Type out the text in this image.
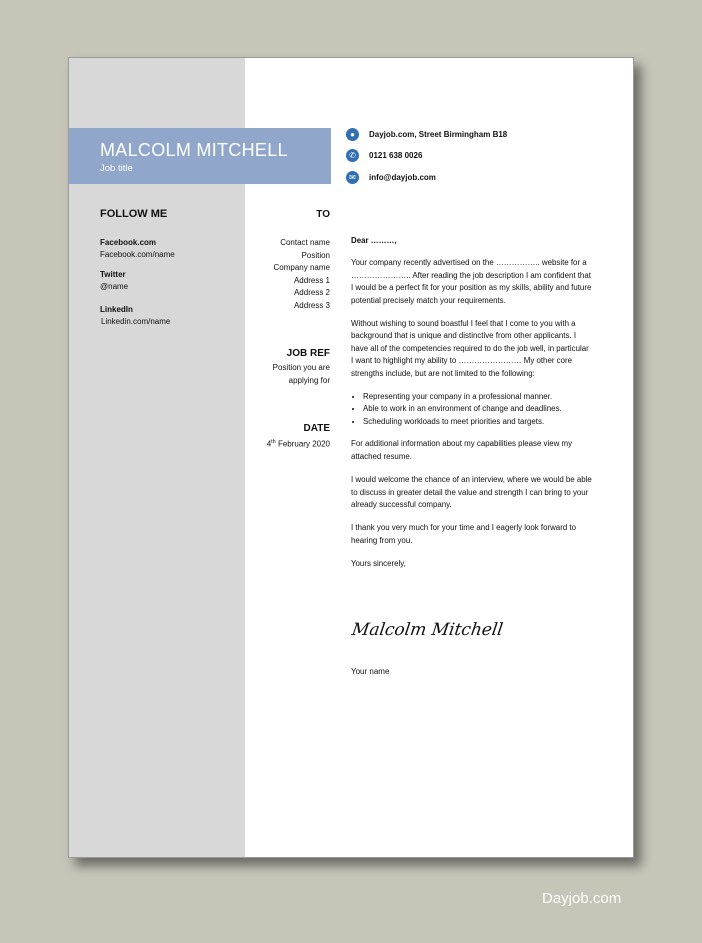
MALCOLM MITCHELL
Job title
●	Dayjob.com, Street Birmingham B18
✆	0121 638 0026
✉	info@dayjob.com
FOLLOW ME
Facebook.com
Facebook.com/name
Twitter
@name
LinkedIn
Linkedin.com/name
TO
Contact name
Position
Company name
Address 1
Address 2
Address 3
JOB REF
Position you are
applying for
DATE
4th February 2020

Dear ………,

Your company recently advertised on the …………….. website for a ………………….. After reading the job description I am confident that I would be a perfect fit for your position as my skills, ability and future potential precisely match your requirements.

Without wishing to sound boastful I feel that I come to you with a background that is unique and distinctive from other applicants. I have all of the competencies required to do the job well, in particular I want to highlight my ability to …………………… My other core strengths include, but are not limited to the following:

• Representing your company in a professional manner.
• Able to work in an environment of change and deadlines.
• Scheduling workloads to meet priorities and targets.

For additional information about my capabilities please view my attached resume.

I would welcome the chance of an interview, where we would be able to discuss in greater detail the value and strength I can bring to your already successful company.

I thank you very much for your time and I eagerly look forward to hearing from you.

Yours sincerely,

Malcolm Mitchell
Your name
Dayjob.com
